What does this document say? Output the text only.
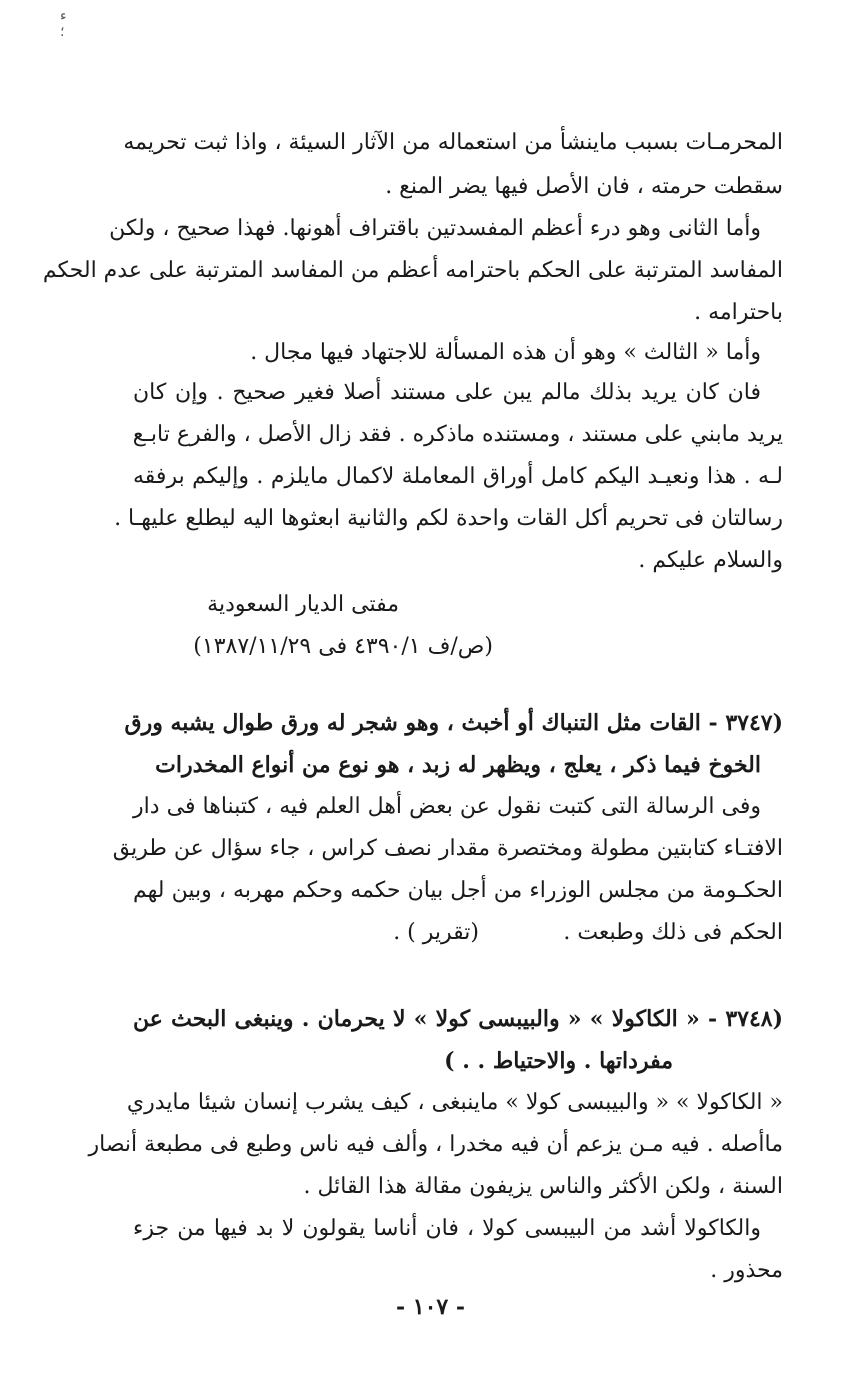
ء
؛
المحرمـات بسبب ماينشأ من استعماله من الآثار السيئة ، واذا ثبت تحريمه
سقطت حرمته ، فان الأصل فيها يضر المنع .
وأما الثانى وهو درء أعظم المفسدتين باقتراف أهونها. فهذا صحيح ، ولكن
المفاسد المترتبة على الحكم باحترامه أعظم من المفاسد المترتبة على عدم الحكم
باحترامه .
وأما « الثالث » وهو أن هذه المسألة للاجتهاد فيها مجال .
فان كان يريد بذلك مالم يبن على مستند أصلا فغير صحيح . وإن كان
يريد مابني على مستند ، ومستنده ماذكره . فقد زال الأصل ، والفرع تابـع
لـه . هذا ونعيـد اليكم كامل أوراق المعاملة لاكمال مايلزم . وإليكم برفقه
رسالتان فى تحريم أكل القات واحدة لكم والثانية ابعثوها اليه ليطلع عليهـا .
والسلام عليكم .
مفتى الديار السعودية
(ص/ف ٤٣٩٠/١ فى ١٣٨٧/١١/٢٩)
(٣٧٤٧ - القات مثل التنباك أو أخبث ، وهو شجر له ورق طوال يشبه ورق
الخوخ فيما ذكر ، يعلج ، ويظهر له زبد ، هو نوع من أنواع المخدرات
وفى الرسالة التى كتبت نقول عن بعض أهل العلم فيه ، كتبناها فى دار
الافتـاء كتابتين مطولة ومختصرة مقدار نصف كراس ، جاء سؤال عن طريق
الحكـومة من مجلس الوزراء من أجل بيان حكمه وحكم مهربه ، وبين لهم
الحكم فى ذلك وطبعت .
(تقرير ) .
(٣٧٤٨ - « الكاكولا » « والبيبسى كولا » لا يحرمان . وينبغى البحث عن
مفرداتها . والاحتياط . . )
« الكاكولا » « والبيبسى كولا » ماينبغى ، كيف يشرب إنسان شيئا مايدري
ماأصله . فيه مـن يزعم أن فيه مخدرا ، وألف فيه ناس وطبع فى مطبعة أنصار
السنة ، ولكن الأكثر والناس يزيفون مقالة هذا القائل .
والكاكولا أشد من البيبسى كولا ، فان أناسا يقولون لا بد فيها من جزء
محذور .
- ١٠٧ -
